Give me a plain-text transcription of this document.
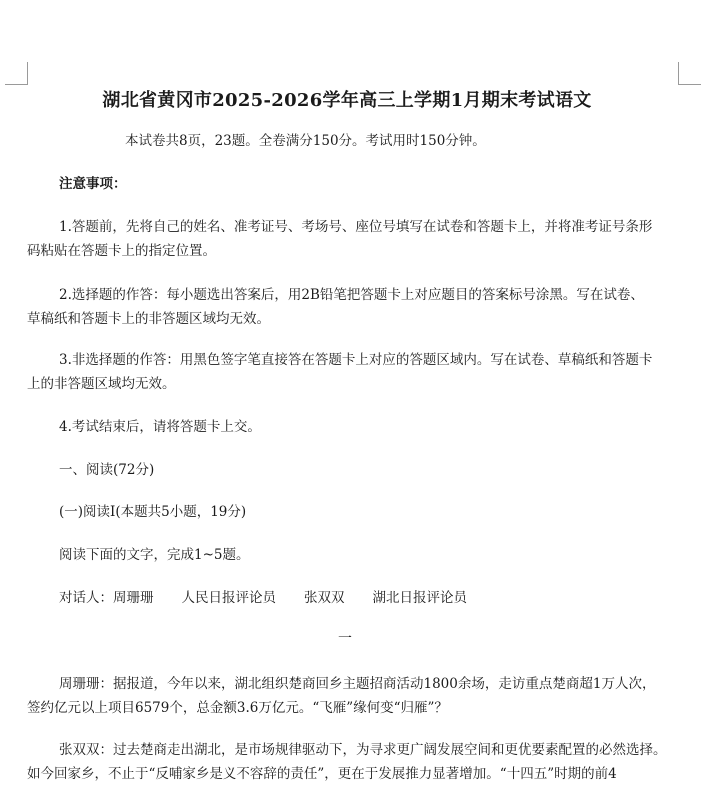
湖北省黄冈市2025-2026学年高三上学期1月期末考试语文
本试卷共8页，23题。全卷满分150分。考试用时150分钟。
注意事项：
1.答题前，先将自己的姓名、准考证号、考场号、座位号填写在试卷和答题卡上，并将准考证号条形
码粘贴在答题卡上的指定位置。
2.选择题的作答：每小题选出答案后，用2B铅笔把答题卡上对应题目的答案标号涂黑。写在试卷、
草稿纸和答题卡上的非答题区域均无效。
3.非选择题的作答：用黑色签字笔直接答在答题卡上对应的答题区域内。写在试卷、草稿纸和答题卡
上的非答题区域均无效。
4.考试结束后，请将答题卡上交。
一、阅读(72分)
(一)阅读Ⅰ(本题共5小题，19分)
阅读下面的文字，完成1~5题。
对话人：周珊珊 人民日报评论员 张双双 湖北日报评论员
一
周珊珊：据报道，今年以来，湖北组织楚商回乡主题招商活动1800余场，走访重点楚商超1万人次，
签约亿元以上项目6579个，总金额3.6万亿元。“飞雁”缘何变“归雁”？
张双双：过去楚商走出湖北，是市场规律驱动下，为寻求更广阔发展空间和更优要素配置的必然选择。
如今回家乡，不止于“反哺家乡是义不容辞的责任”，更在于发展推力显著增加。“十四五”时期的前4
